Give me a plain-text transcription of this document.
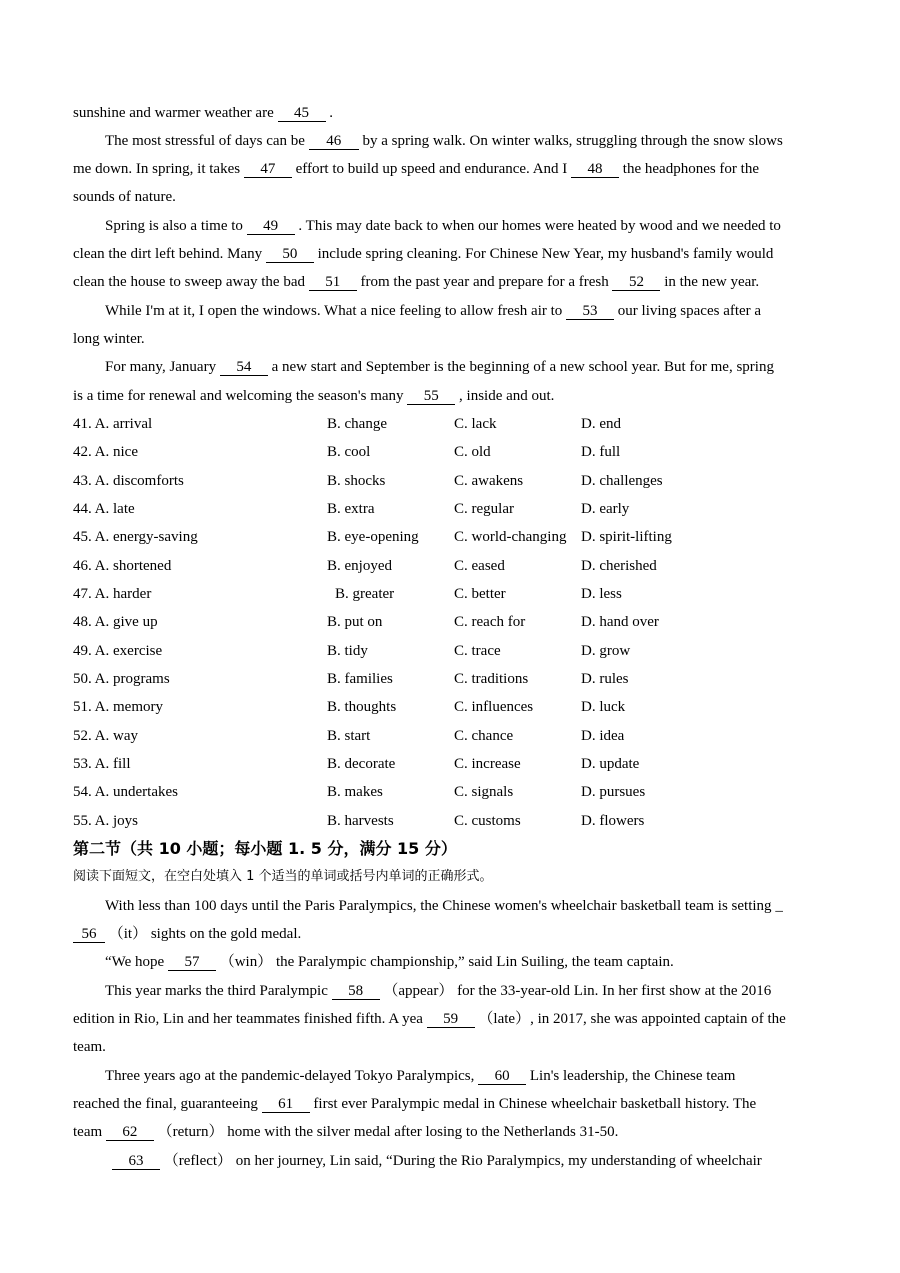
sunshine and warmer weather are 45 .
The most stressful of days can be 46 by a spring walk. On winter walks, struggling through the snow slows
me down. In spring, it takes 47 effort to build up speed and endurance. And I 48 the headphones for the
sounds of nature.
Spring is also a time to 49 . This may date back to when our homes were heated by wood and we needed to
clean the dirt left behind. Many 50 include spring cleaning. For Chinese New Year, my husband's family would
clean the house to sweep away the bad 51 from the past year and prepare for a fresh 52 in the new year.
While I'm at it, I open the windows. What a nice feeling to allow fresh air to 53 our living spaces after a
long winter.
For many, January 54 a new start and September is the beginning of a new school year. But for me, spring
is a time for renewal and welcoming the season's many 55 , inside and out.
41. A. arrival	B. change	C. lack	D. end
42. A. nice	B. cool	C. old	D. full
43. A. discomforts	B. shocks	C. awakens	D. challenges
44. A. late	B. extra	C. regular	D. early
45. A. energy-saving	B. eye-opening C. world-changing D. spirit-lifting
46. A. shortened	B. enjoyed	C. eased	D. cherished
47. A. harder	B. greater	C. better	D. less
48. A. give up	B. put on	C. reach for	D. hand over
49. A. exercise	B. tidy	C. trace	D. grow
50. A. programs	B. families	C. traditions	D. rules
51. A. memory	B. thoughts	C. influences	D. luck
52. A. way	B. start	C. chance	D. idea
53. A. fill	B. decorate	C. increase	D. update
54. A. undertakes	B. makes	C. signals	D. pursues
55. A. joys	B. harvests	C. customs	D. flowers
第二节（共 10 小题；每小题 1. 5 分，满分 15 分）
阅读下面短文，在空白处填入 1 个适当的单词或括号内单词的正确形式。
With less than 100 days until the Paris Paralympics, the Chinese women's wheelchair basketball team is setting _
56 （it） sights on the gold medal.
“We hope 57 （win） the Paralympic championship,” said Lin Suiling, the team captain.
This year marks the third Paralympic 58 （appear） for the 33-year-old Lin. In her first show at the 2016
edition in Rio, Lin and her teammates finished fifth. A yea 59 （late）, in 2017, she was appointed captain of the
team.
Three years ago at the pandemic-delayed Tokyo Paralympics, 60 Lin's leadership, the Chinese team
reached the final, guaranteeing 61 first ever Paralympic medal in Chinese wheelchair basketball history. The
team 62 （return） home with the silver medal after losing to the Netherlands 31-50.
63 （reflect） on her journey, Lin said, “During the Rio Paralympics, my understanding of wheelchair
